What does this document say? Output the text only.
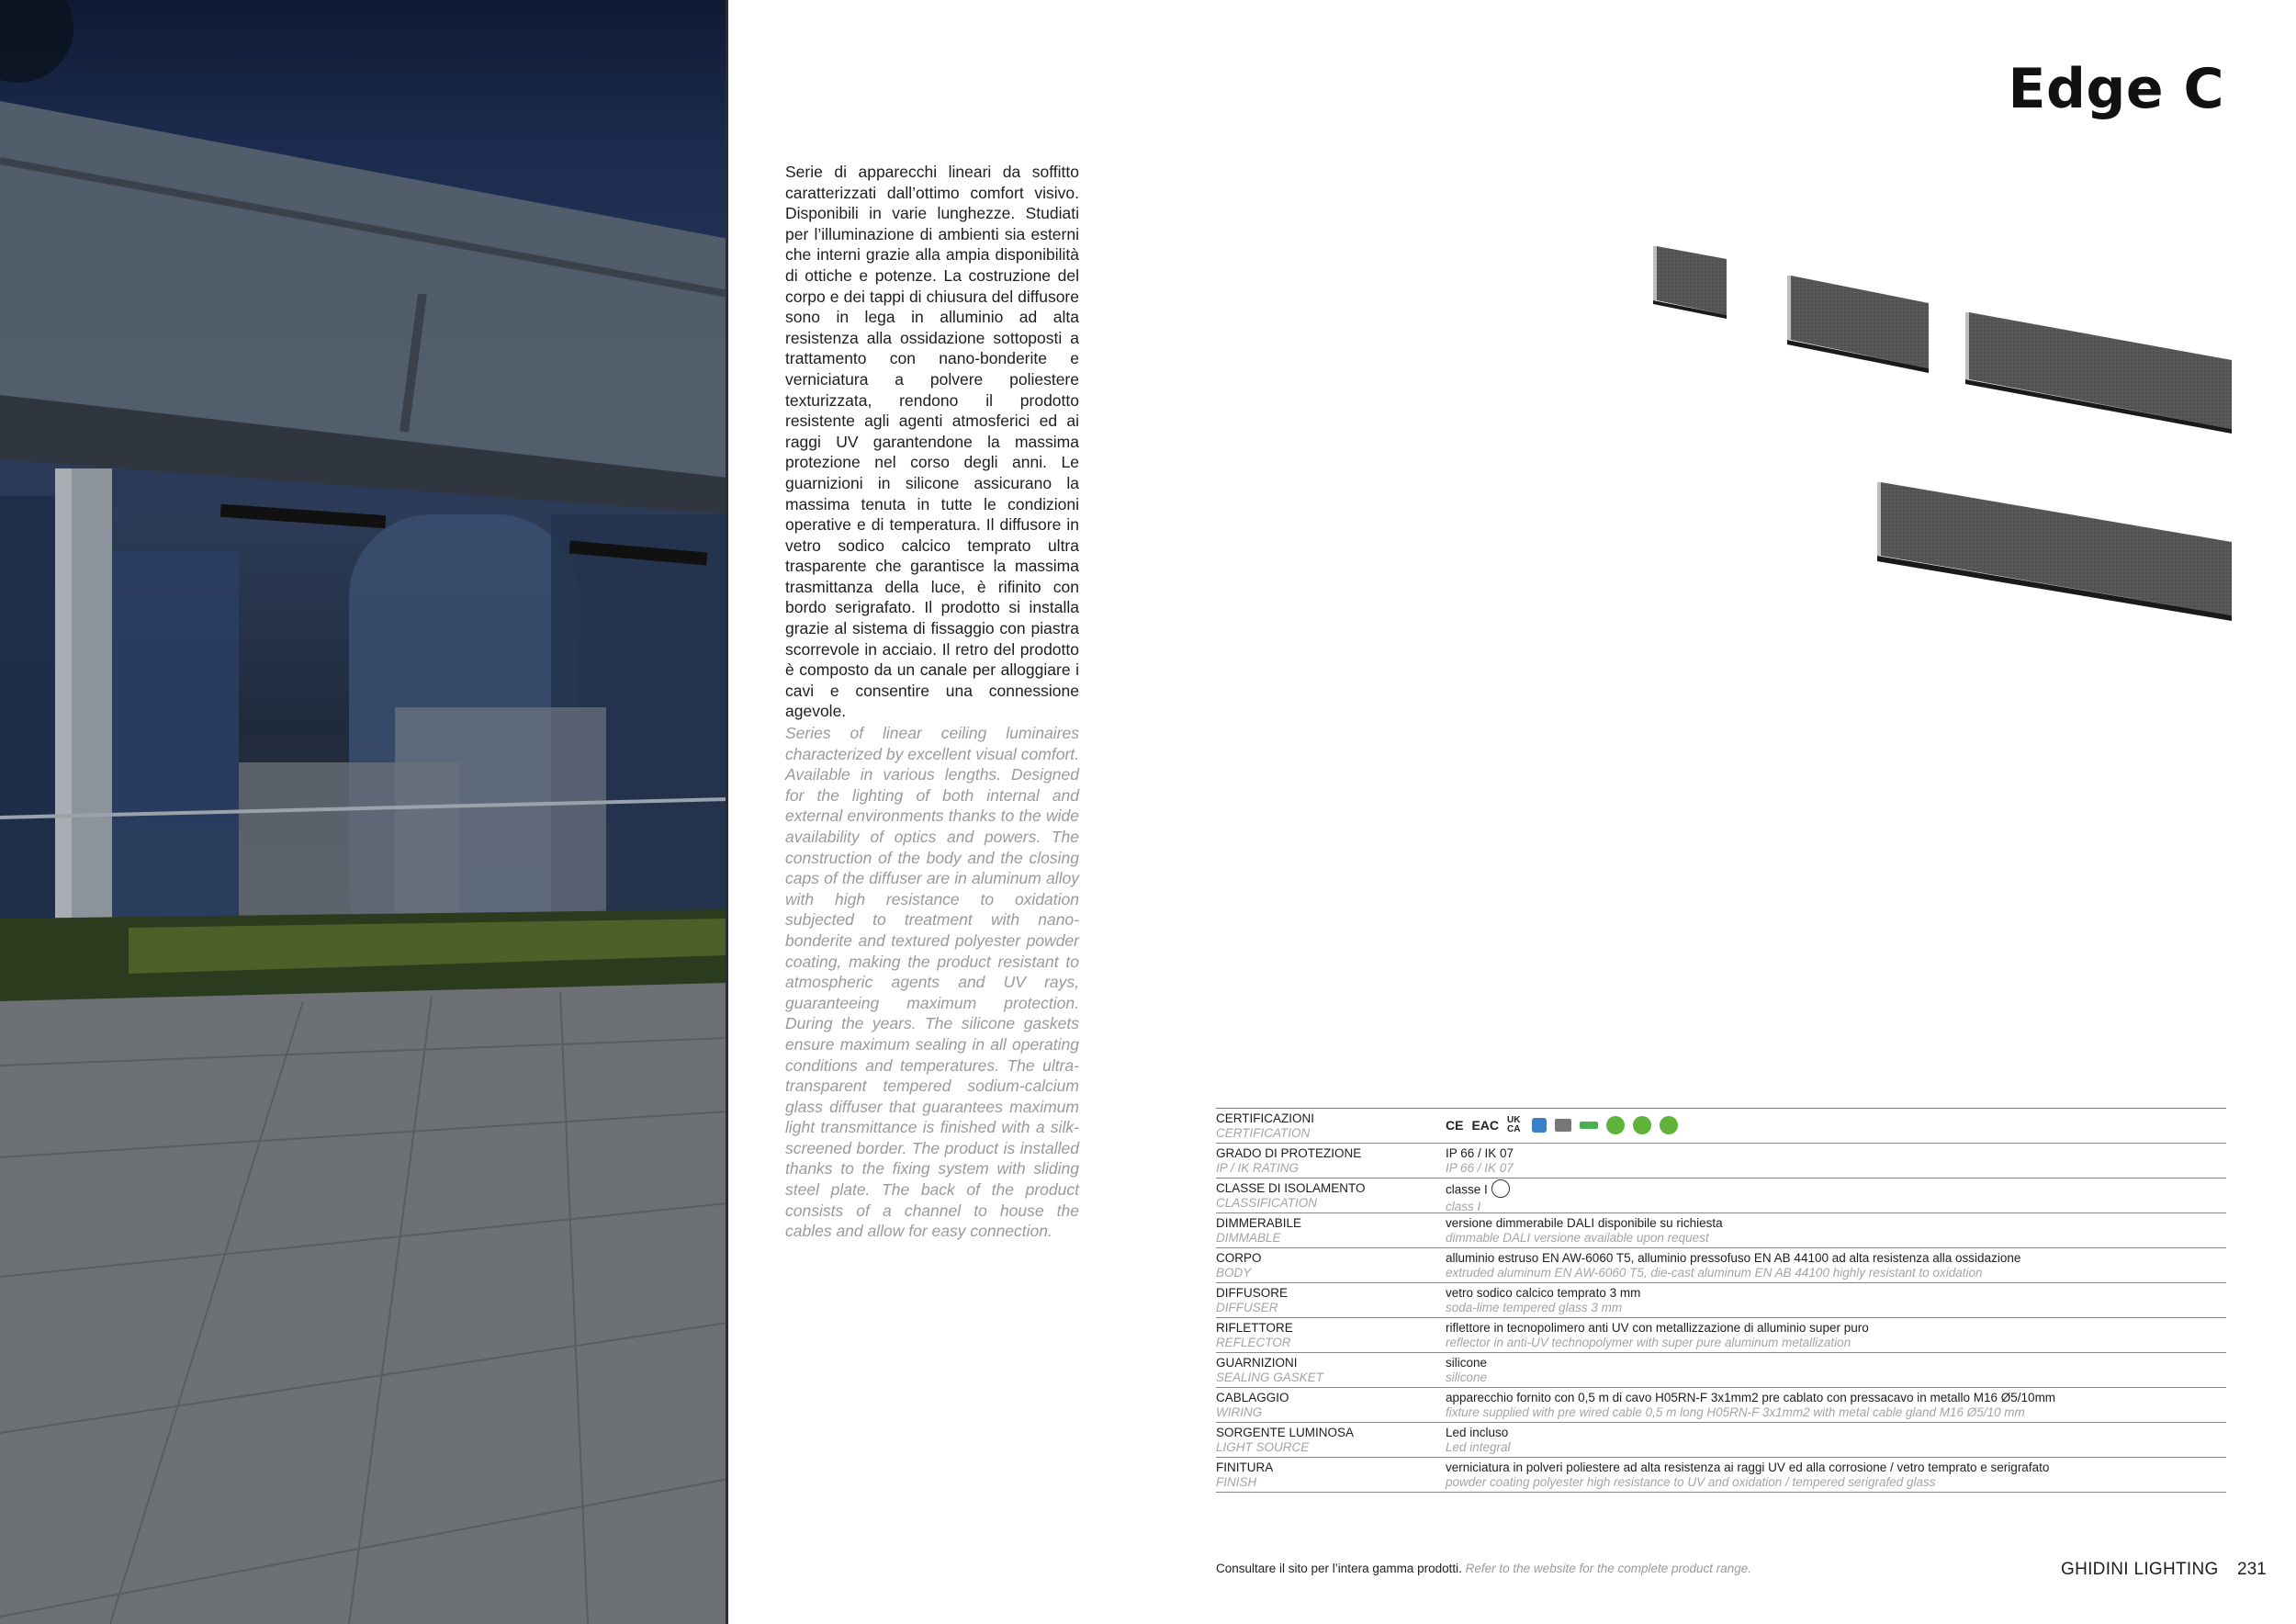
Edge C
Serie di apparecchi lineari da soffitto caratterizzati dall’ottimo comfort visivo. Disponibili in varie lunghezze. Studiati per l’illuminazione di ambienti sia esterni che interni grazie alla ampia disponibilità di ottiche e potenze. La costruzione del corpo e dei tappi di chiusura del diffusore sono in lega in alluminio ad alta resistenza alla ossidazione sottoposti a trattamento con nano-bonderite e verniciatura a polvere poliestere texturizzata, rendono il prodotto resistente agli agenti atmosferici ed ai raggi UV garantendone la massima protezione nel corso degli anni. Le guarnizioni in silicone assicurano la massima tenuta in tutte le condizioni operative e di temperatura. Il diffusore in vetro sodico calcico temprato ultra trasparente che garantisce la massima trasmittanza della luce, è rifinito con bordo serigrafato. Il prodotto si installa grazie al sistema di fissaggio con piastra scorrevole in acciaio. Il retro del prodotto è composto da un canale per alloggiare i cavi e consentire una connessione agevole.
Series of linear ceiling luminaires characterized by excellent visual comfort. Available in various lengths. Designed for the lighting of both internal and external environments thanks to the wide availability of optics and powers. The construction of the body and the closing caps of the diffuser are in aluminum alloy with high resistance to oxidation subjected to treatment with nano-bonderite and textured polyester powder coating, making the product resistant to atmospheric agents and UV rays, guaranteeing maximum protection. During the years. The silicone gaskets ensure maximum sealing in all operating conditions and temperatures. The ultra-transparent tempered sodium-calcium glass diffuser that guarantees maximum light transmittance is finished with a silk-screened border. The product is installed thanks to the fixing system with sliding steel plate. The back of the product consists of a channel to house the cables and allow for easy connection.
CERTIFICAZIONI
CERTIFICATION
CE EAC UK CA
GRADO DI PROTEZIONE
IP / IK RATING
IP 66 / IK 07
IP 66 / IK 07
CLASSE DI ISOLAMENTO
CLASSIFICATION
classe I
class I
DIMMERABILE
DIMMABLE
versione dimmerabile DALI disponibile su richiesta
dimmable DALI versione available upon request
CORPO
BODY
alluminio estruso EN AW-6060 T5, alluminio pressofuso EN AB 44100 ad alta resistenza alla ossidazione
extruded aluminum EN AW-6060 T5, die-cast aluminum EN AB 44100 highly resistant to oxidation
DIFFUSORE
DIFFUSER
vetro sodico calcico temprato 3 mm
soda-lime tempered glass 3 mm
RIFLETTORE
REFLECTOR
riflettore in tecnopolimero anti UV con metallizzazione di alluminio super puro
reflector in anti-UV technopolymer with super pure aluminum metallization
GUARNIZIONI
SEALING GASKET
silicone
silicone
CABLAGGIO
WIRING
apparecchio fornito con 0,5 m di cavo H05RN-F 3x1mm2 pre cablato con pressacavo in metallo M16 Ø5/10mm
fixture supplied with pre wired cable 0,5 m long H05RN-F 3x1mm2 with metal cable gland M16 Ø5/10 mm
SORGENTE LUMINOSA
LIGHT SOURCE
Led incluso
Led integral
FINITURA
FINISH
verniciatura in polveri poliestere ad alta resistenza ai raggi UV ed alla corrosione / vetro temprato e serigrafato
powder coating polyester high resistance to UV and oxidation / tempered serigrafed glass
Consultare il sito per l’intera gamma prodotti. Refer to the website for the complete product range.	GHIDINI LIGHTING 231
